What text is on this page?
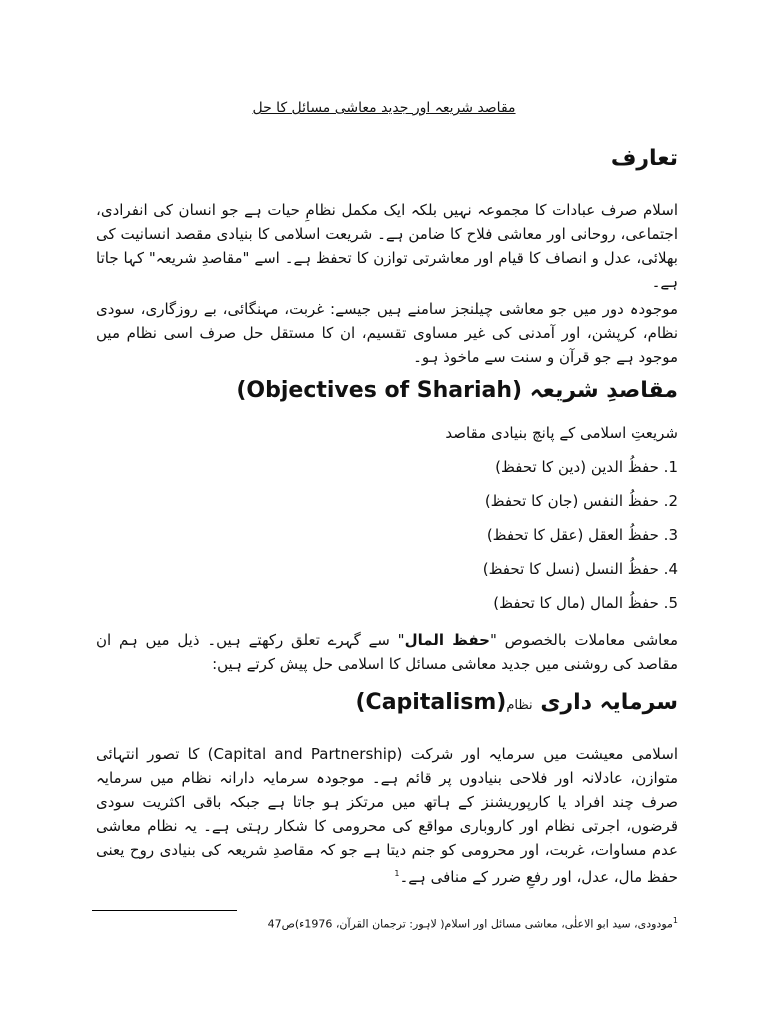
مقاصد شریعہ اور جدید معاشی مسائل کا حل
تعارف
اسلام صرف عبادات کا مجموعہ نہیں بلکہ ایک مکمل نظامِ حیات ہے جو انسان کی انفرادی، اجتماعی، روحانی اور معاشی فلاح کا ضامن ہے۔ شریعت اسلامی کا بنیادی مقصد انسانیت کی بھلائی، عدل و انصاف کا قیام اور معاشرتی توازن کا تحفظ ہے۔ اسے "مقاصدِ شریعہ" کہا جاتا ہے۔
موجودہ دور میں جو معاشی چیلنجز سامنے ہیں جیسے: غربت، مہنگائی، بے روزگاری، سودی نظام، کرپشن، اور آمدنی کی غیر مساوی تقسیم، ان کا مستقل حل صرف اسی نظام میں موجود ہے جو قرآن و سنت سے ماخوذ ہو۔
مقاصدِ شریعہ (Objectives of Shariah)
شریعتِ اسلامی کے پانچ بنیادی مقاصد
1. حفظُ الدین (دین کا تحفظ)
2. حفظُ النفس (جان کا تحفظ)
3. حفظُ العقل (عقل کا تحفظ)
4. حفظُ النسل (نسل کا تحفظ)
5. حفظُ المال (مال کا تحفظ)
معاشی معاملات بالخصوص "حفظ المال" سے گہرے تعلق رکھتے ہیں۔ ذیل میں ہم ان مقاصد کی روشنی میں جدید معاشی مسائل کا اسلامی حل پیش کرتے ہیں:
سرمایہ داری نظام(Capitalism)
اسلامی معیشت میں سرمایہ اور شرکت (Capital and Partnership) کا تصور انتہائی متوازن، عادلانہ اور فلاحی بنیادوں پر قائم ہے۔ موجودہ سرمایہ دارانہ نظام میں سرمایہ صرف چند افراد یا کارپوریشنز کے ہاتھ میں مرتکز ہو جاتا ہے جبکہ باقی اکثریت سودی قرضوں، اجرتی نظام اور کاروباری مواقع کی محرومی کا شکار رہتی ہے۔ یہ نظام معاشی عدم مساوات، غربت، اور محرومی کو جنم دیتا ہے جو کہ مقاصدِ شریعہ کی بنیادی روح یعنی حفظ مال، عدل، اور رفعِ ضرر کے منافی ہے۔$^1$
$^1$مودودی، سید ابو الاعلٰی، معاشی مسائل اور اسلام( لاہور: ترجمان القرآن، 1976ء)ص47
